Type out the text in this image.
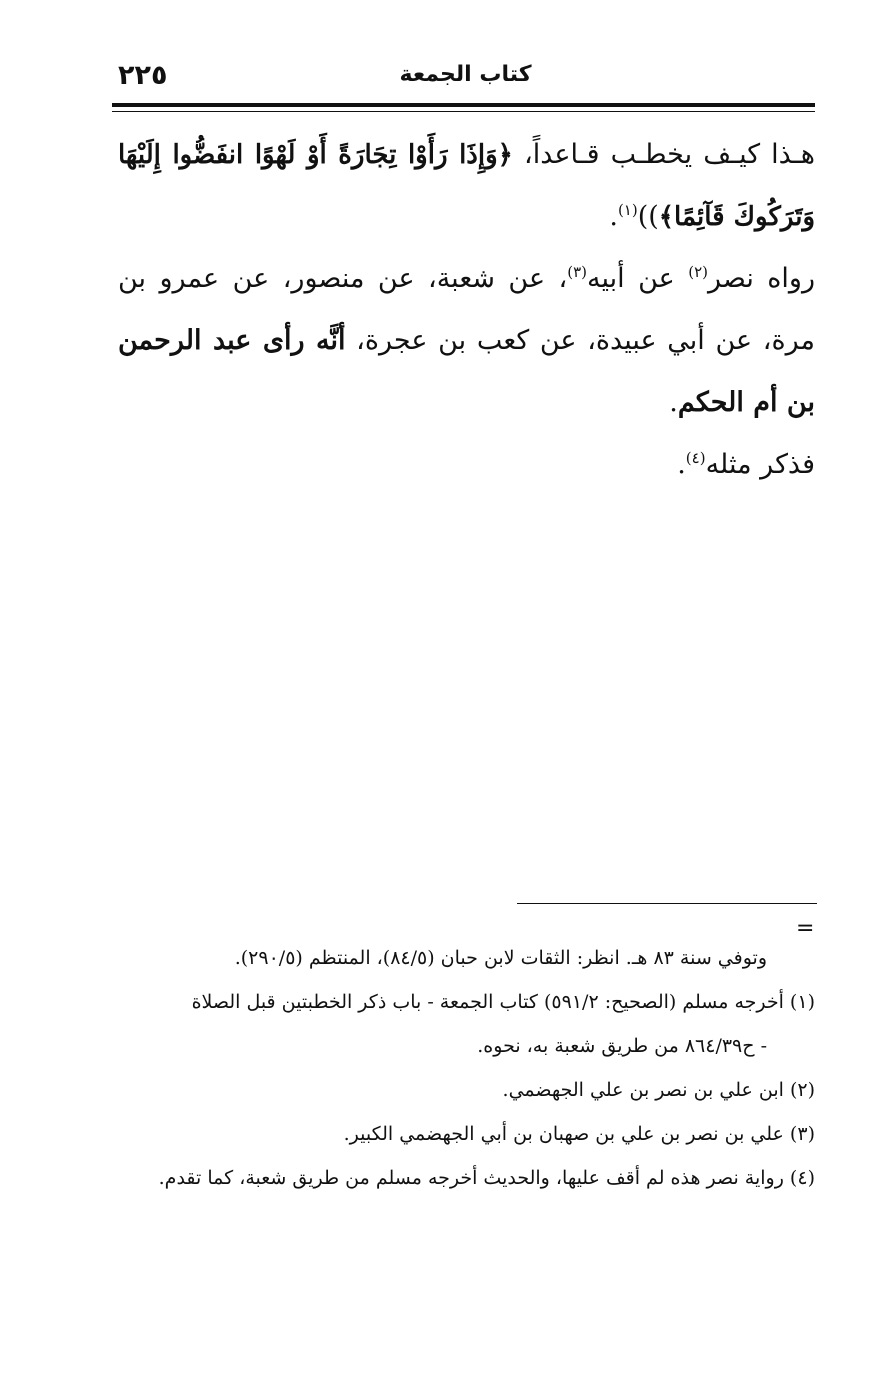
٢٢٥	كتاب الجمعة

هـذا كيـف يخطـب قـاعداً، ﴿وَإِذَا رَأَوْا تِجَارَةً أَوْ لَهْوًا انفَضُّوا إِلَيْهَا وَتَرَكُوكَ قَآئِمًا﴾))$^{(١)}$.

رواه نصر$^{(٢)}$ عن أبيه$^{(٣)}$، عن شعبة، عن منصور، عن عمرو بن مرة، عن أبي عبيدة، عن كعب بن عجرة، أنَّه رأى عبد الرحمن بن أم الحكم.

فذكر مثله$^{(٤)}$.

=

وتوفي سنة ٨٣ هـ. انظر: الثقات لابن حبان (٨٤/٥)، المنتظم (٢٩٠/٥).

(١) أخرجه مسلم (الصحيح: ٥٩١/٢) كتاب الجمعة - باب ذكر الخطبتين قبل الصلاة

- ح٨٦٤/٣٩ من طريق شعبة به، نحوه.

(٢) ابن علي بن نصر بن علي الجهضمي.

(٣) علي بن نصر بن علي بن صهبان بن أبي الجهضمي الكبير.

(٤) رواية نصر هذه لم أقف عليها، والحديث أخرجه مسلم من طريق شعبة، كما تقدم.
